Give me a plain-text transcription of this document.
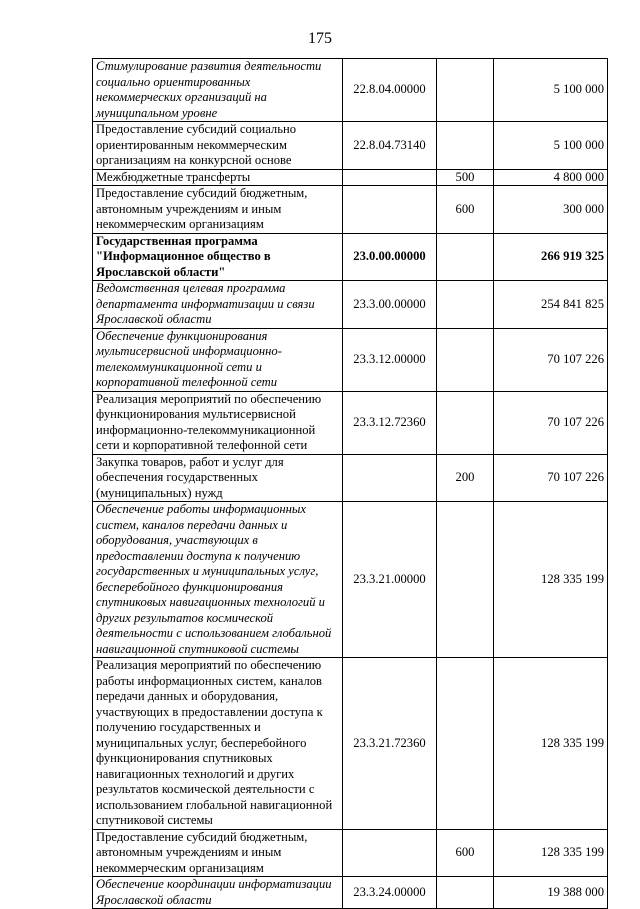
175
Стимулирование развития деятельности социально ориентированных некоммерческих организаций на муниципальном уровне	22.8.04.00000		5 100 000
Предоставление субсидий социально ориентированным некоммерческим организациям на конкурсной основе	22.8.04.73140		5 100 000
Межбюджетные трансферты		500	4 800 000
Предоставление субсидий бюджетным, автономным учреждениям и иным некоммерческим организациям		600	300 000
Государственная программа "Информационное общество в Ярославской области"	23.0.00.00000		266 919 325
Ведомственная целевая программа департамента информатизации и связи Ярославской области	23.3.00.00000		254 841 825
Обеспечение функционирования мультисервисной информационно-телекоммуникационной сети и корпоративной телефонной сети	23.3.12.00000		70 107 226
Реализация мероприятий по обеспечению функционирования мультисервисной информационно-телекоммуникационной сети и корпоративной телефонной сети	23.3.12.72360		70 107 226
Закупка товаров, работ и услуг для обеспечения государственных (муниципальных) нужд		200	70 107 226
Обеспечение работы информационных систем, каналов передачи данных и оборудования, участвующих в предоставлении доступа к получению государственных и муниципальных услуг, бесперебойного функционирования спутниковых навигационных технологий и других результатов космической деятельности с использованием глобальной навигационной спутниковой системы	23.3.21.00000		128 335 199
Реализация мероприятий по обеспечению работы информационных систем, каналов передачи данных и оборудования, участвующих в предоставлении доступа к получению государственных и муниципальных услуг, бесперебойного функционирования спутниковых навигационных технологий и других результатов космической деятельности с использованием глобальной навигационной спутниковой системы	23.3.21.72360		128 335 199
Предоставление субсидий бюджетным, автономным учреждениям и иным некоммерческим организациям		600	128 335 199
Обеспечение координации информатизации Ярославской области	23.3.24.00000		19 388 000
